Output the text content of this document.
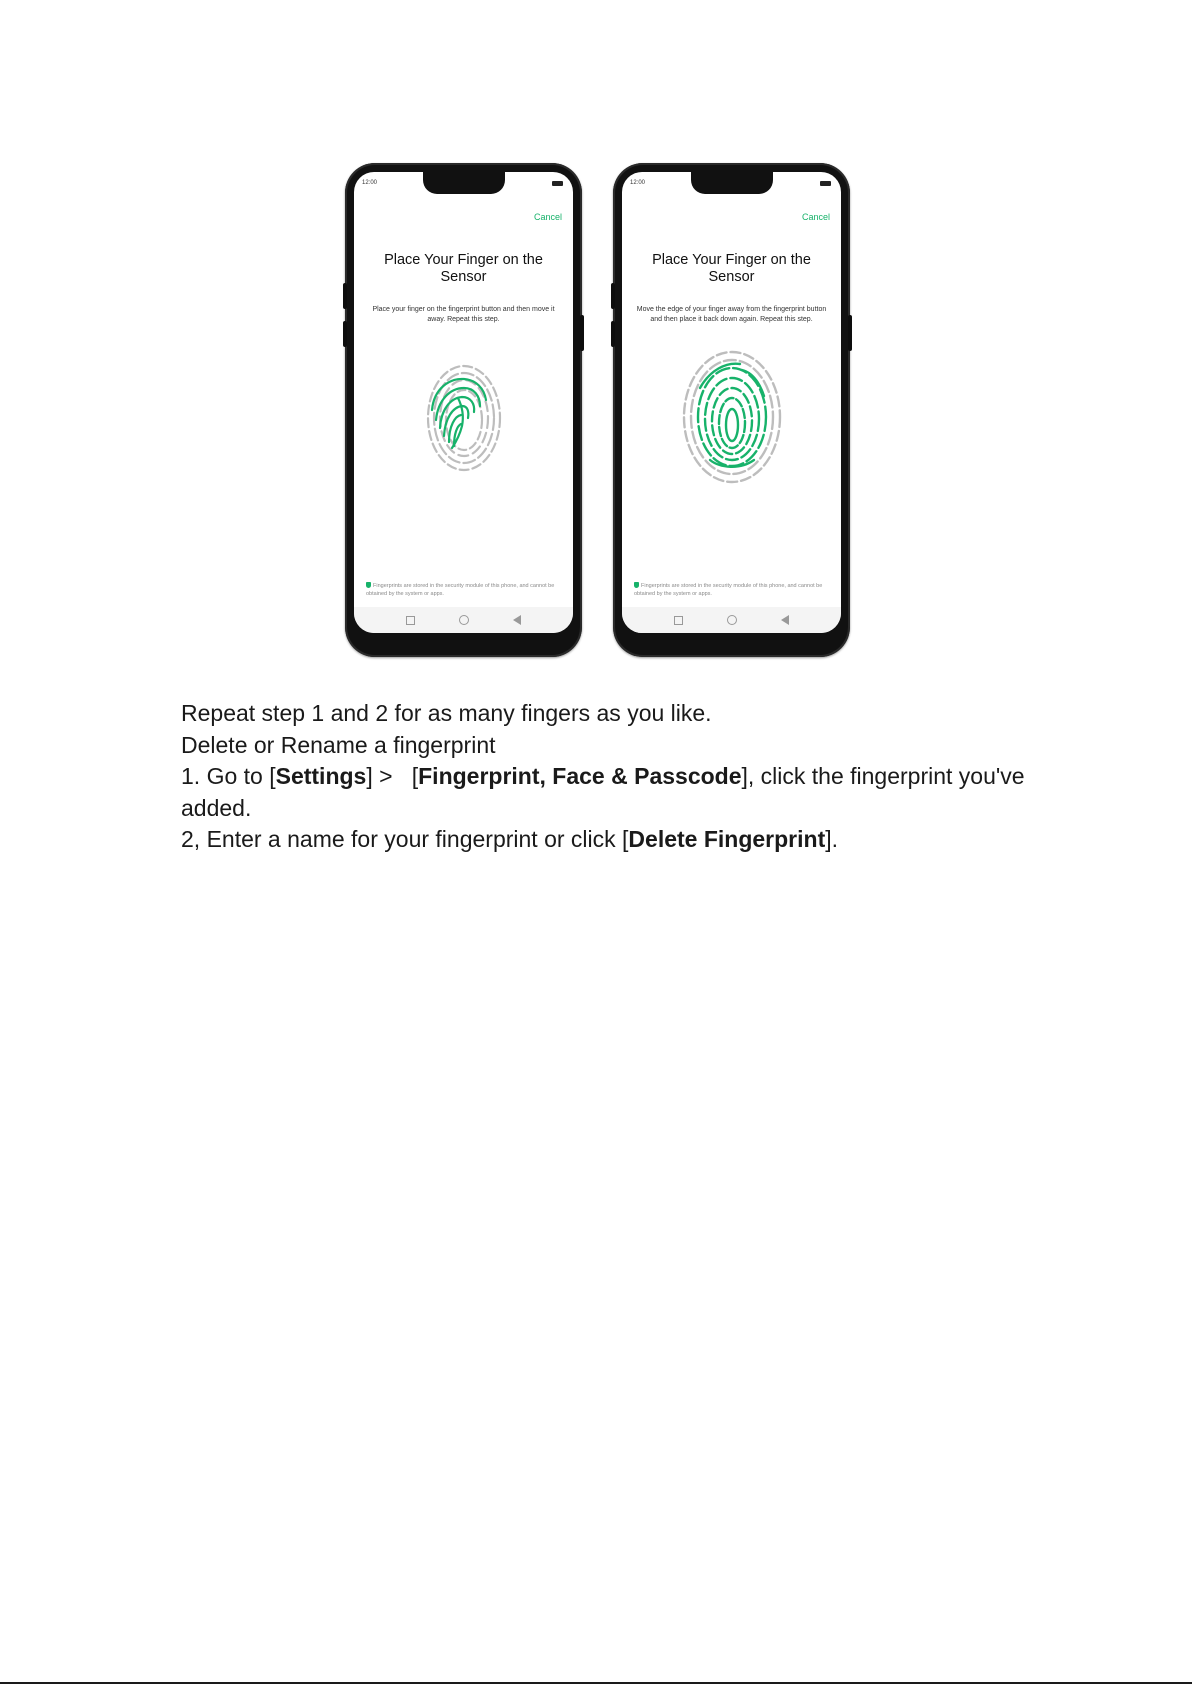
12:00
Cancel
Place Your Finger on the Sensor
Place your finger on the fingerprint button and then move it away. Repeat this step.
Fingerprints are stored in the security module of this phone, and cannot be obtained by the system or apps.
12:00
Cancel
Place Your Finger on the Sensor
Move the edge of your finger away from the fingerprint button and then place it back down again. Repeat this step.
Fingerprints are stored in the security module of this phone, and cannot be obtained by the system or apps.

Repeat step 1 and 2 for as many fingers as you like.

Delete or Rename a fingerprint

1. Go to [Settings] >   [Fingerprint, Face & Passcode], click the fingerprint you've added.

2, Enter a name for your fingerprint or click [Delete Fingerprint].
